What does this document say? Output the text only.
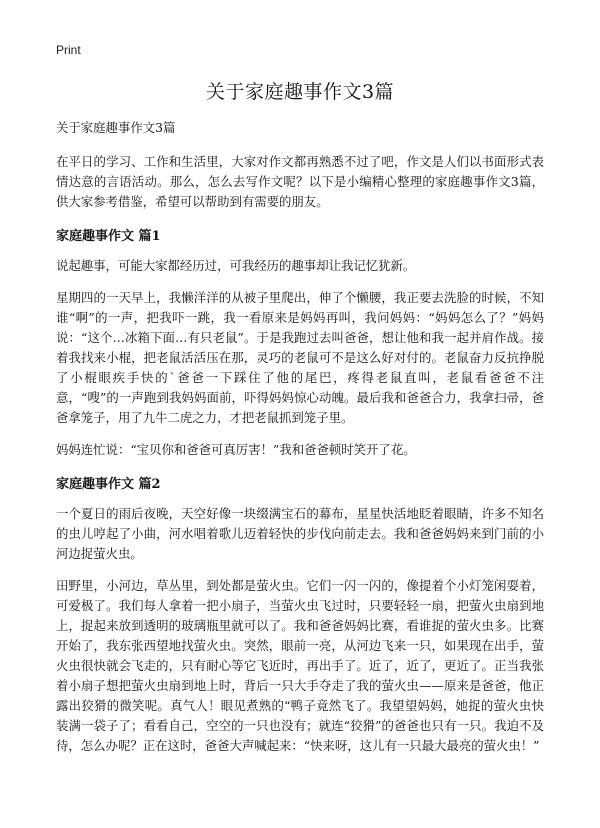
Print

关于家庭趣事作文3篇

关于家庭趣事作文3篇

在平日的学习、工作和生活里，大家对作文都再熟悉不过了吧，作文是人们以书面形式表情达意的言语活动。那么，怎么去写作文呢？以下是小编精心整理的家庭趣事作文3篇，供大家参考借鉴，希望可以帮助到有需要的朋友。

家庭趣事作文 篇1

说起趣事，可能大家都经历过，可我经历的趣事却让我记忆犹新。

星期四的一天早上，我懒洋洋的从被子里爬出，伸了个懒腰，我正要去洗脸的时候，不知谁“啊”的一声，把我吓一跳，我一看原来是妈妈再叫，我问妈妈：“妈妈怎么了？”妈妈说：“这个…冰箱下面…有只老鼠”。于是我跑过去叫爸爸，想让他和我一起并肩作战。接着我找来小棍，把老鼠活活压在那，灵巧的老鼠可不是这么好对付的。老鼠奋力反抗挣脱了小棍眼疾手快的`爸爸一下踩住了他的尾巴，疼得老鼠直叫，老鼠看爸爸不注意，“嗖”的一声跑到我妈妈面前，吓得妈妈惊心动魄。最后我和爸爸合力，我拿扫帚，爸爸拿笼子，用了九牛二虎之力，才把老鼠抓到笼子里。

妈妈连忙说：“宝贝你和爸爸可真厉害！”我和爸爸顿时笑开了花。

家庭趣事作文 篇2

一个夏日的雨后夜晚，天空好像一块缀满宝石的幕布，星星快活地眨着眼睛，许多不知名的虫儿哼起了小曲，河水唱着歌儿迈着轻快的步伐向前走去。我和爸爸妈妈来到门前的小河边捉萤火虫。

田野里，小河边，草丛里，到处都是萤火虫。它们一闪一闪的，像提着个小灯笼闲耍着，可爱极了。我们每人拿着一把小扇子，当萤火虫飞过时，只要轻轻一扇，把萤火虫扇到地上，捉起来放到透明的玻璃瓶里就可以了。我和爸爸妈妈比赛，看谁捉的萤火虫多。比赛开始了，我东张西望地找萤火虫。突然，眼前一亮，从河边飞来一只，如果现在出手，萤火虫很快就会飞走的，只有耐心等它飞近时，再出手了。近了，近了，更近了。正当我张着小扇子想把萤火虫扇到地上时，背后一只大手夺走了我的萤火虫——原来是爸爸，他正露出狡猾的微笑呢。真气人！眼见煮熟的“鸭子竟然飞了。我望望妈妈，她捉的萤火虫快装满一袋子了；看看自己，空空的一只也没有；就连“狡猾”的爸爸也只有一只。我迫不及待，怎么办呢？正在这时，爸爸大声喊起来：“快来呀，这儿有一只最大最亮的萤火虫！”
